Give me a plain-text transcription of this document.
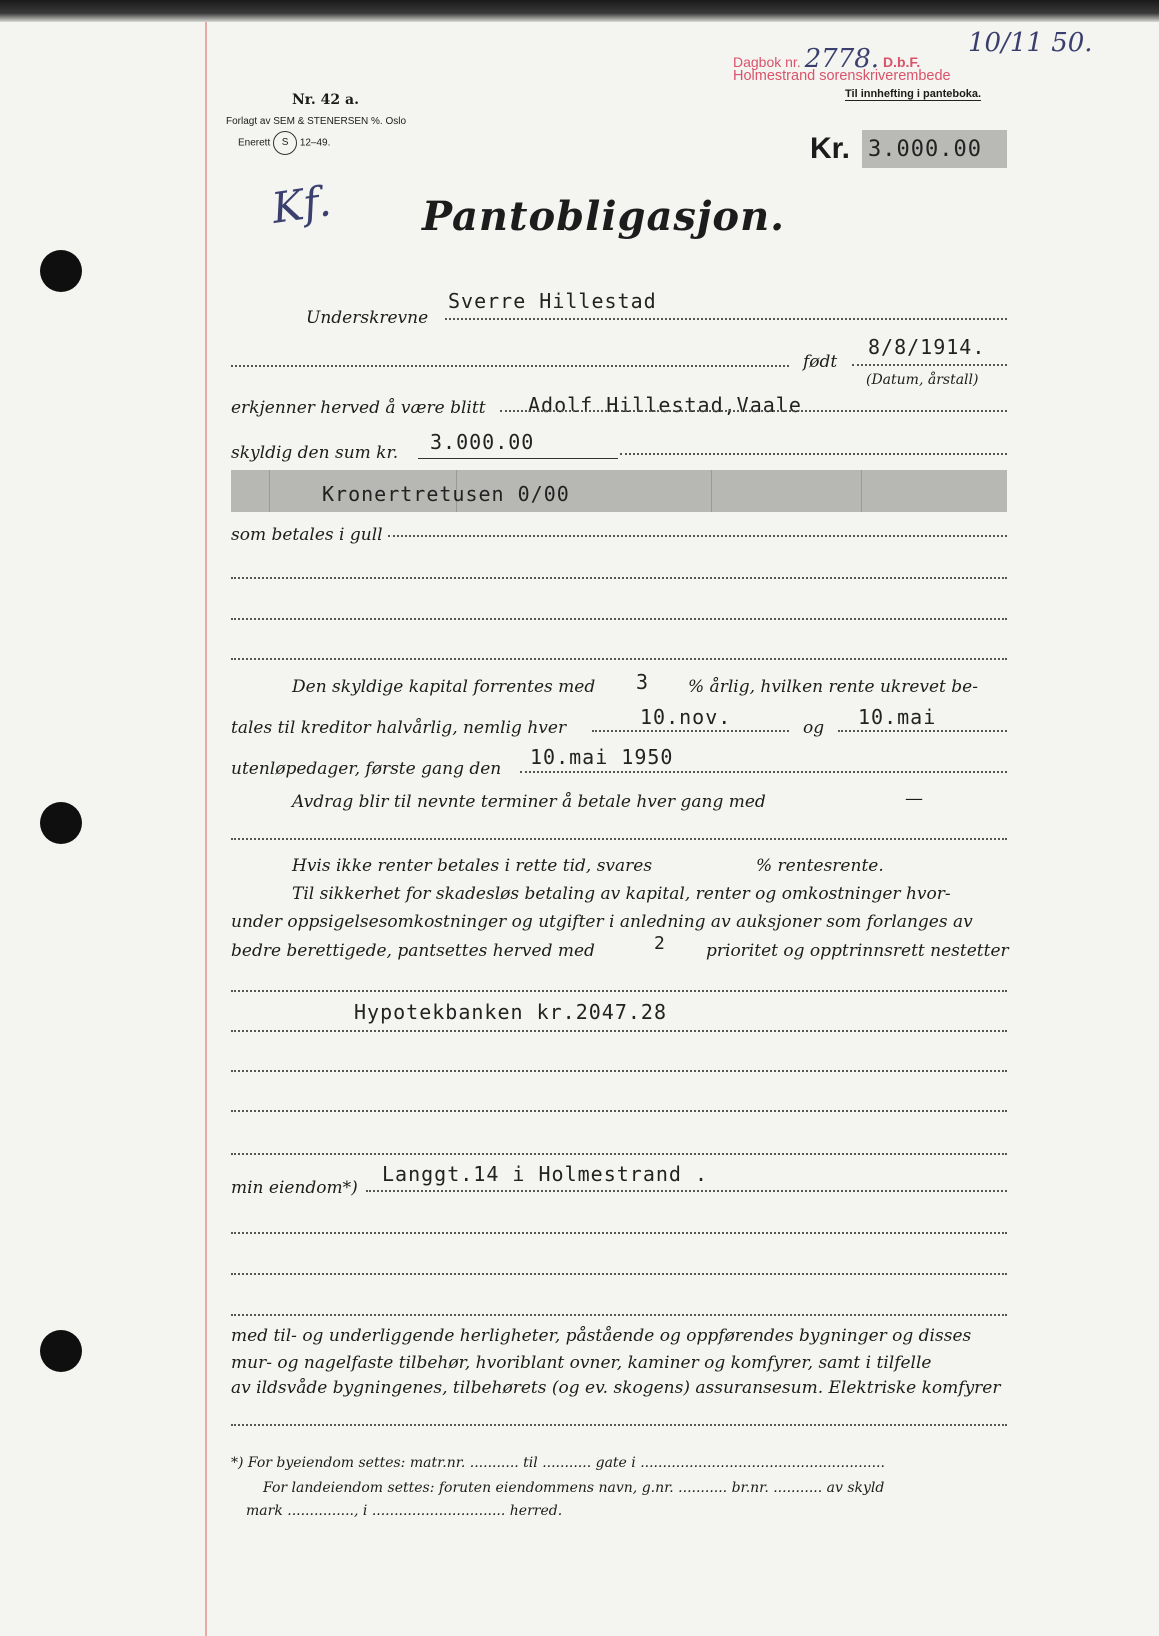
Nr. 42 a.
Forlagt av SEM & STENERSEN %. Oslo
Enerett S 12–49.
Dagbok nr. 2778. D.b.F.
10/11 50.
Holmestrand sorenskriverembede
Til innhefting i panteboka.
Kr. 3.000.00
Kf. Pantobligasjon.
Underskrevne
Sverre Hillestad
født
8/8/1914.
(Datum, årstall)
erkjenner herved å være blitt Adolf Hillestad,Vaale
skyldig den sum kr. 3.000.00
Kronertretusen 0/00
som betales i gull
Den skyldige kapital forrentes med 3 % årlig, hvilken rente ukrevet be-
tales til kreditor halvårlig, nemlig hver	10.nov.	og 10.mai
utenløpedager, første gang den 10.mai 1950
Avdrag blir til nevnte terminer å betale hver gang med	—
Hvis ikke renter betales i rette tid, svares	% rentesrente.
Til sikkerhet for skadesløs betaling av kapital, renter og omkostninger hvor-
under oppsigelsesomkostninger og utgifter i anledning av auksjoner som forlanges av
bedre berettigede, pantsettes herved med	2 prioritet og opptrinnsrett nestetter
Hypotekbanken kr.2047.28
min eiendom*)
Langgt.14 i Holmestrand .
med til- og underliggende herligheter, påstående og oppførendes bygninger og disses
mur- og nagelfaste tilbehør, hvoriblant ovner, kaminer og komfyrer, samt i tilfelle
av ildsvåde bygningenes, tilbehørets (og ev. skogens) assuransesum. Elektriske komfyrer
*) For byeiendom settes: matr.nr. ........... til ........... gate i .......................................................
For landeiendom settes: foruten eiendommens navn, g.nr. ........... br.nr. ........... av skyld
mark ..............., i .............................. herred.
